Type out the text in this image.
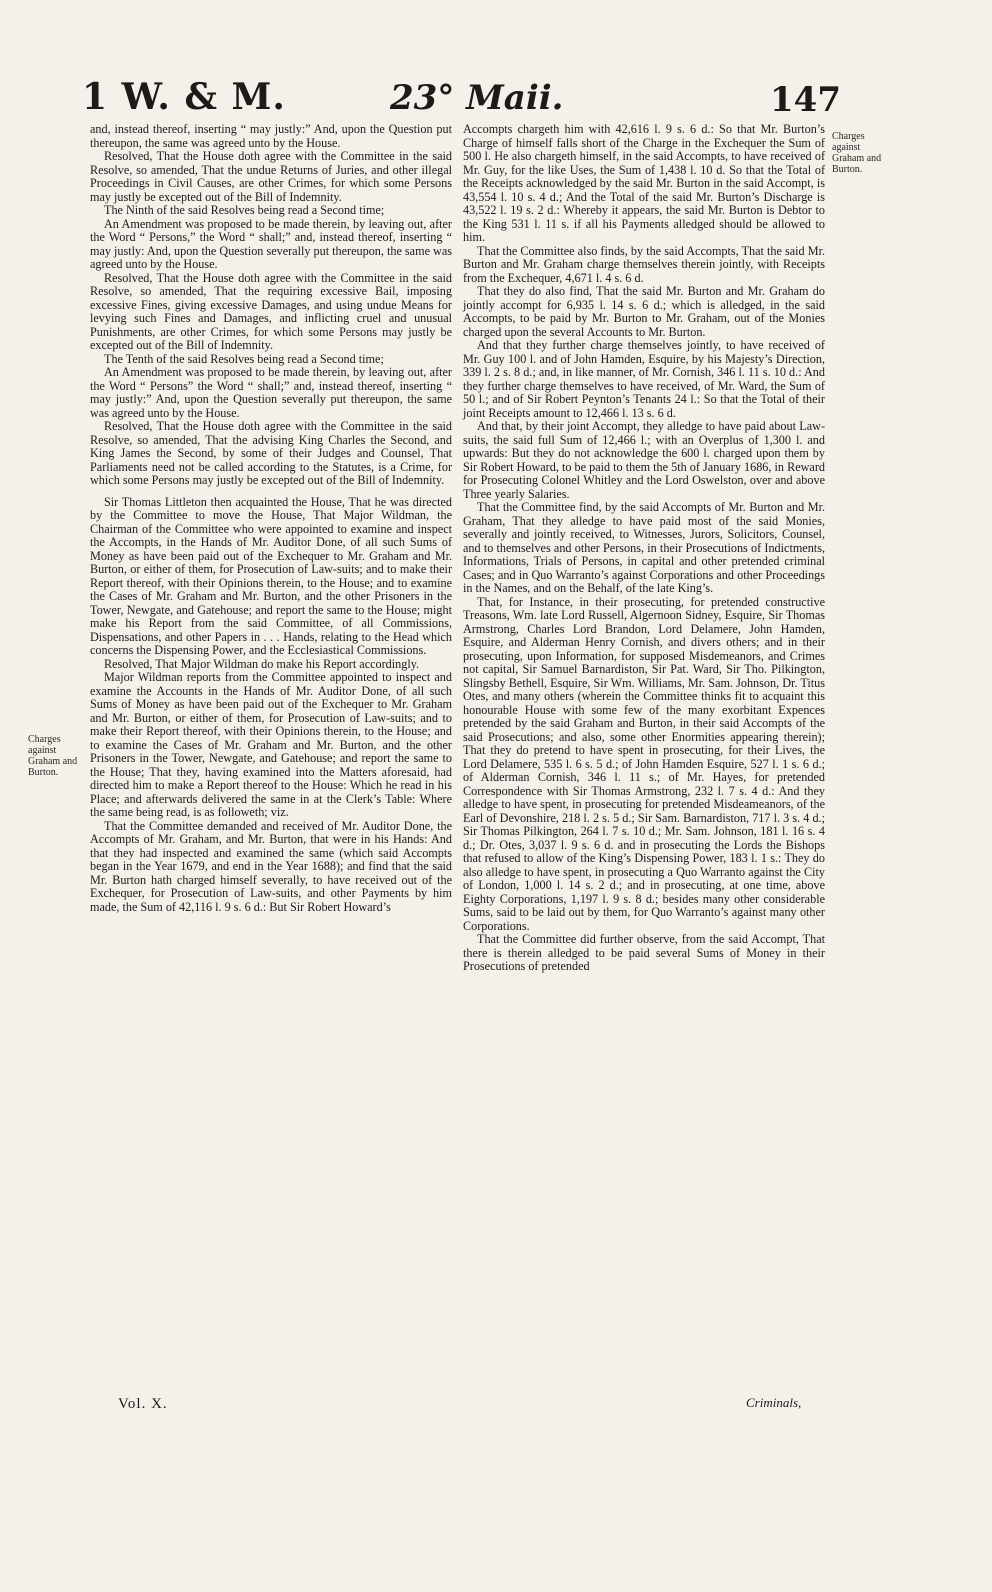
1 W. & M.	23° Maii.	147
Charges against Graham and Burton.
Charges against Graham and Burton.

and, instead thereof, inserting “ may justly:” And, upon the Question put thereupon, the same was agreed unto by the House.

Resolved, That the House doth agree with the Committee in the said Resolve, so amended, That the undue Returns of Juries, and other illegal Proceedings in Civil Causes, are other Crimes, for which some Persons may justly be excepted out of the Bill of Indemnity.

The Ninth of the said Resolves being read a Second time;

An Amendment was proposed to be made therein, by leaving out, after the Word “ Persons,” the Word “ shall;” and, instead thereof, inserting “ may justly: And, upon the Question severally put thereupon, the same was agreed unto by the House.

Resolved, That the House doth agree with the Committee in the said Resolve, so amended, That the requiring excessive Bail, imposing excessive Fines, giving excessive Damages, and using undue Means for levying such Fines and Damages, and inflicting cruel and unusual Punishments, are other Crimes, for which some Persons may justly be excepted out of the Bill of Indemnity.

The Tenth of the said Resolves being read a Second time;

An Amendment was proposed to be made therein, by leaving out, after the Word “ Persons” the Word “ shall;” and, instead thereof, inserting “ may justly:” And, upon the Question severally put thereupon, the same was agreed unto by the House.

Resolved, That the House doth agree with the Committee in the said Resolve, so amended, That the advising King Charles the Second, and King James the Second, by some of their Judges and Counsel, That Parliaments need not be called according to the Statutes, is a Crime, for which some Persons may justly be excepted out of the Bill of Indemnity.

Sir Thomas Littleton then acquainted the House, That he was directed by the Committee to move the House, That Major Wildman, the Chairman of the Committee who were appointed to examine and inspect the Accompts, in the Hands of Mr. Auditor Done, of all such Sums of Money as have been paid out of the Exchequer to Mr. Graham and Mr. Burton, or either of them, for Prosecution of Law-suits; and to make their Report thereof, with their Opinions therein, to the House; and to examine the Cases of Mr. Graham and Mr. Burton, and the other Prisoners in the Tower, Newgate, and Gatehouse; and report the same to the House; might make his Report from the said Committee, of all Commissions, Dispensations, and other Papers in . . . Hands, relating to the Head which concerns the Dispensing Power, and the Ecclesiastical Commissions.

Resolved, That Major Wildman do make his Report accordingly.

Major Wildman reports from the Committee appointed to inspect and examine the Accounts in the Hands of Mr. Auditor Done, of all such Sums of Money as have been paid out of the Exchequer to Mr. Graham and Mr. Burton, or either of them, for Prosecution of Law-suits; and to make their Report thereof, with their Opinions therein, to the House; and to examine the Cases of Mr. Graham and Mr. Burton, and the other Prisoners in the Tower, Newgate, and Gatehouse; and report the same to the House; That they, having examined into the Matters aforesaid, had directed him to make a Report thereof to the House: Which he read in his Place; and afterwards delivered the same in at the Clerk’s Table: Where the same being read, is as followeth; viz.

That the Committee demanded and received of Mr. Auditor Done, the Accompts of Mr. Graham, and Mr. Burton, that were in his Hands: And that they had inspected and examined the same (which said Accompts began in the Year 1679, and end in the Year 1688); and find that the said Mr. Burton hath charged himself severally, to have received out of the Exchequer, for Prosecution of Law-suits, and other Payments by him made, the Sum of 42,116 l. 9 s. 6 d.: But Sir Robert Howard’s

Accompts chargeth him with 42,616 l. 9 s. 6 d.: So that Mr. Burton’s Charge of himself falls short of the Charge in the Exchequer the Sum of 500 l. He also chargeth himself, in the said Accompts, to have received of Mr. Guy, for the like Uses, the Sum of 1,438 l. 10 d. So that the Total of the Receipts acknowledged by the said Mr. Burton in the said Accompt, is 43,554 l. 10 s. 4 d.; And the Total of the said Mr. Burton’s Discharge is 43,522 l. 19 s. 2 d.: Whereby it appears, the said Mr. Burton is Debtor to the King 531 l. 11 s. if all his Payments alledged should be allowed to him.

That the Committee also finds, by the said Accompts, That the said Mr. Burton and Mr. Graham charge themselves therein jointly, with Receipts from the Exchequer, 4,671 l. 4 s. 6 d.

That they do also find, That the said Mr. Burton and Mr. Graham do jointly accompt for 6,935 l. 14 s. 6 d.; which is alledged, in the said Accompts, to be paid by Mr. Burton to Mr. Graham, out of the Monies charged upon the several Accounts to Mr. Burton.

And that they further charge themselves jointly, to have received of Mr. Guy 100 l. and of John Hamden, Esquire, by his Majesty’s Direction, 339 l. 2 s. 8 d.; and, in like manner, of Mr. Cornish, 346 l. 11 s. 10 d.: And they further charge themselves to have received, of Mr. Ward, the Sum of 50 l.; and of Sir Robert Peynton’s Tenants 24 l.: So that the Total of their joint Receipts amount to 12,466 l. 13 s. 6 d.

And that, by their joint Accompt, they alledge to have paid about Law-suits, the said full Sum of 12,466 l.; with an Overplus of 1,300 l. and upwards: But they do not acknowledge the 600 l. charged upon them by Sir Robert Howard, to be paid to them the 5th of January 1686, in Reward for Prosecuting Colonel Whitley and the Lord Oswelston, over and above Three yearly Salaries.

That the Committee find, by the said Accompts of Mr. Burton and Mr. Graham, That they alledge to have paid most of the said Monies, severally and jointly received, to Witnesses, Jurors, Solicitors, Counsel, and to themselves and other Persons, in their Prosecutions of Indictments, Informations, Trials of Persons, in capital and other pretended criminal Cases; and in Quo Warranto’s against Corporations and other Proceedings in the Names, and on the Behalf, of the late King’s.

That, for Instance, in their prosecuting, for pretended constructive Treasons, Wm. late Lord Russell, Algernoon Sidney, Esquire, Sir Thomas Armstrong, Charles Lord Brandon, Lord Delamere, John Hamden, Esquire, and Alderman Henry Cornish, and divers others; and in their prosecuting, upon Information, for supposed Misdemeanors, and Crimes not capital, Sir Samuel Barnardiston, Sir Pat. Ward, Sir Tho. Pilkington, Slingsby Bethell, Esquire, Sir Wm. Williams, Mr. Sam. Johnson, Dr. Titus Otes, and many others (wherein the Committee thinks fit to acquaint this honourable House with some few of the many exorbitant Expences pretended by the said Graham and Burton, in their said Accompts of the said Prosecutions; and also, some other Enormities appearing therein); That they do pretend to have spent in prosecuting, for their Lives, the Lord Delamere, 535 l. 6 s. 5 d.; of John Hamden Esquire, 527 l. 1 s. 6 d.; of Alderman Cornish, 346 l. 11 s.; of Mr. Hayes, for pretended Correspondence with Sir Thomas Armstrong, 232 l. 7 s. 4 d.: And they alledge to have spent, in prosecuting for pretended Misdeameanors, of the Earl of Devonshire, 218 l. 2 s. 5 d.; Sir Sam. Barnardiston, 717 l. 3 s. 4 d.; Sir Thomas Pilkington, 264 l. 7 s. 10 d.; Mr. Sam. Johnson, 181 l. 16 s. 4 d.; Dr. Otes, 3,037 l. 9 s. 6 d. and in prosecuting the Lords the Bishops that refused to allow of the King’s Dispensing Power, 183 l. 1 s.: They do also alledge to have spent, in prosecuting a Quo Warranto against the City of London, 1,000 l. 14 s. 2 d.; and in prosecuting, at one time, above Eighty Corporations, 1,197 l. 9 s. 8 d.; besides many other considerable Sums, said to be laid out by them, for Quo Warranto’s against many other Corporations.

That the Committee did further observe, from the said Accompt, That there is therein alledged to be paid several Sums of Money in their Prosecutions of pretended

Vol. X.	Criminals,
